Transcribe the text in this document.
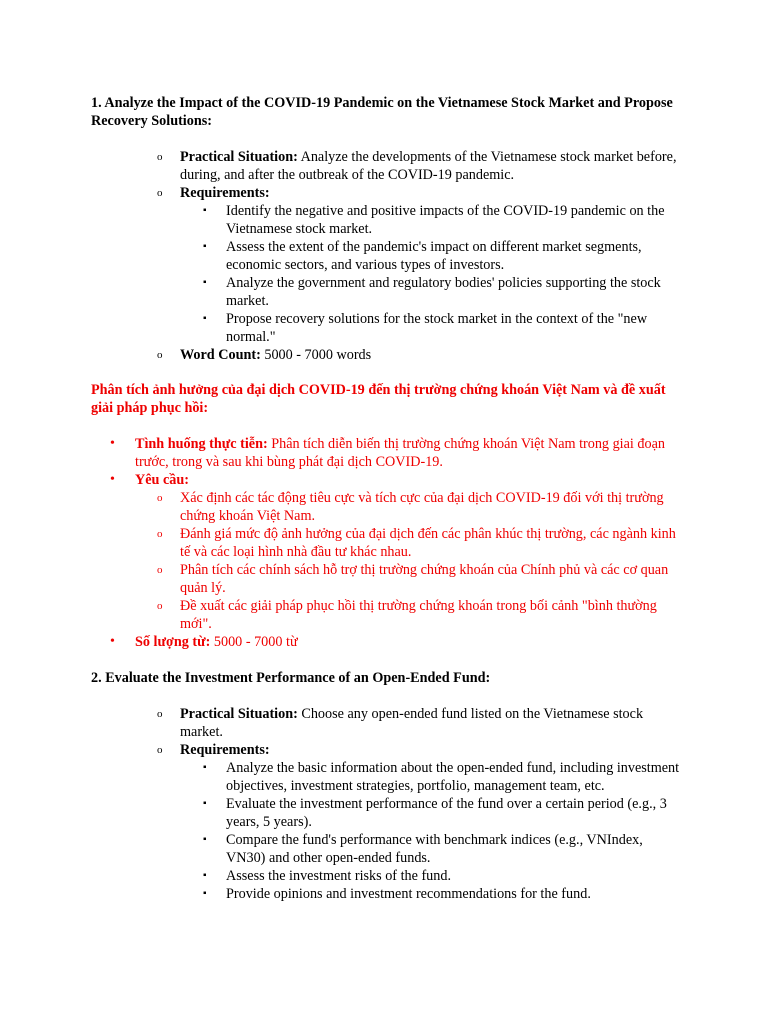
1. Analyze the Impact of the COVID-19 Pandemic on the Vietnamese Stock Market and Propose Recovery Solutions:

o Practical Situation: Analyze the developments of the Vietnamese stock market before, during, and after the outbreak of the COVID-19 pandemic.
o Requirements:
▪ Identify the negative and positive impacts of the COVID-19 pandemic on the Vietnamese stock market.
▪ Assess the extent of the pandemic's impact on different market segments, economic sectors, and various types of investors.
▪ Analyze the government and regulatory bodies' policies supporting the stock market.
▪ Propose recovery solutions for the stock market in the context of the "new normal."
o Word Count: 5000 - 7000 words

Phân tích ảnh hưởng của đại dịch COVID-19 đến thị trường chứng khoán Việt Nam và đề xuất giải pháp phục hồi:

• Tình huống thực tiễn: Phân tích diễn biến thị trường chứng khoán Việt Nam trong giai đoạn trước, trong và sau khi bùng phát đại dịch COVID-19.
• Yêu cầu:
o Xác định các tác động tiêu cực và tích cực của đại dịch COVID-19 đối với thị trường chứng khoán Việt Nam.
o Đánh giá mức độ ảnh hưởng của đại dịch đến các phân khúc thị trường, các ngành kinh tế và các loại hình nhà đầu tư khác nhau.
o Phân tích các chính sách hỗ trợ thị trường chứng khoán của Chính phủ và các cơ quan quản lý.
o Đề xuất các giải pháp phục hồi thị trường chứng khoán trong bối cảnh "bình thường mới".
• Số lượng từ: 5000 - 7000 từ

2. Evaluate the Investment Performance of an Open-Ended Fund:

o Practical Situation: Choose any open-ended fund listed on the Vietnamese stock market.
o Requirements:
▪ Analyze the basic information about the open-ended fund, including investment objectives, investment strategies, portfolio, management team, etc.
▪ Evaluate the investment performance of the fund over a certain period (e.g., 3 years, 5 years).
▪ Compare the fund's performance with benchmark indices (e.g., VNIndex, VN30) and other open-ended funds.
▪ Assess the investment risks of the fund.
▪ Provide opinions and investment recommendations for the fund.
